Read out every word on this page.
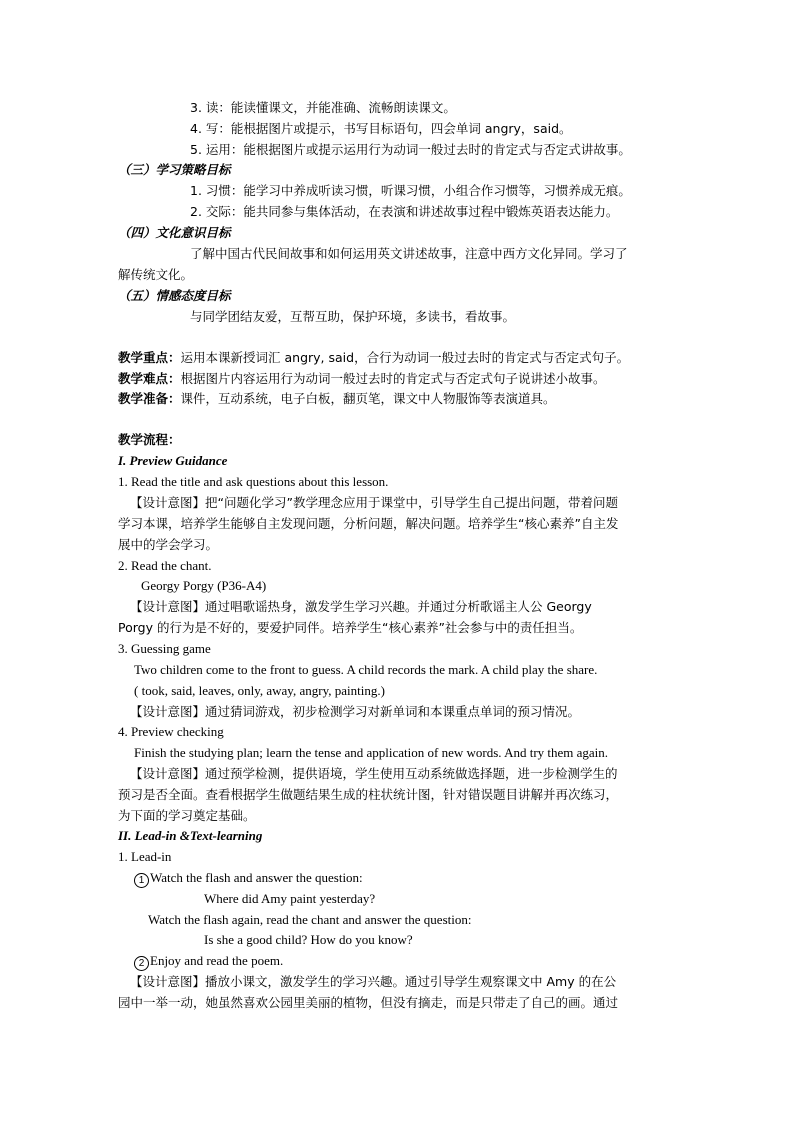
3. 读：能读懂课文，并能准确、流畅朗读课文。
4. 写：能根据图片或提示，书写目标语句，四会单词 angry，said。
5. 运用：能根据图片或提示运用行为动词一般过去时的肯定式与否定式讲故事。
（三）学习策略目标
1. 习惯：能学习中养成听读习惯，听课习惯，小组合作习惯等，习惯养成无痕。
2. 交际：能共同参与集体活动，在表演和讲述故事过程中锻炼英语表达能力。
（四）文化意识目标
了解中国古代民间故事和如何运用英文讲述故事，注意中西方文化异同。学习了
解传统文化。
（五）情感态度目标
与同学团结友爱，互帮互助，保护环境，多读书，看故事。
教学重点：运用本课新授词汇 angry, said，合行为动词一般过去时的肯定式与否定式句子。
教学难点：根据图片内容运用行为动词一般过去时的肯定式与否定式句子说讲述小故事。
教学准备：课件，互动系统，电子白板，翻页笔，课文中人物服饰等表演道具。
教学流程：
I. Preview Guidance
1. Read the title and ask questions about this lesson.
【设计意图】把“问题化学习”教学理念应用于课堂中，引导学生自己提出问题，带着问题
学习本课，培养学生能够自主发现问题，分析问题，解决问题。培养学生“核心素养”自主发
展中的学会学习。
2. Read the chant.
Georgy Porgy (P36-A4)
【设计意图】通过唱歌谣热身，激发学生学习兴趣。并通过分析歌谣主人公 Georgy
Porgy 的行为是不好的，要爱护同伴。培养学生“核心素养”社会参与中的责任担当。
3. Guessing game
Two children come to the front to guess. A child records the mark. A child play the share.
( took, said, leaves, only, away, angry, painting.)
【设计意图】通过猜词游戏，初步检测学习对新单词和本课重点单词的预习情况。
4. Preview checking
Finish the studying plan; learn the tense and application of new words. And try them again.
【设计意图】通过预学检测，提供语境，学生使用互动系统做选择题，进一步检测学生的
预习是否全面。查看根据学生做题结果生成的柱状统计图，针对错误题目讲解并再次练习，
为下面的学习奠定基础。
II. Lead-in &Text-learning
1. Lead-in
1 Watch the flash and answer the question:
Where did Amy paint yesterday?
Watch the flash again, read the chant and answer the question:
Is she a good child? How do you know?
2 Enjoy and read the poem.
【设计意图】播放小课文，激发学生的学习兴趣。通过引导学生观察课文中 Amy 的在公
园中一举一动，她虽然喜欢公园里美丽的植物，但没有摘走，而是只带走了自己的画。通过
